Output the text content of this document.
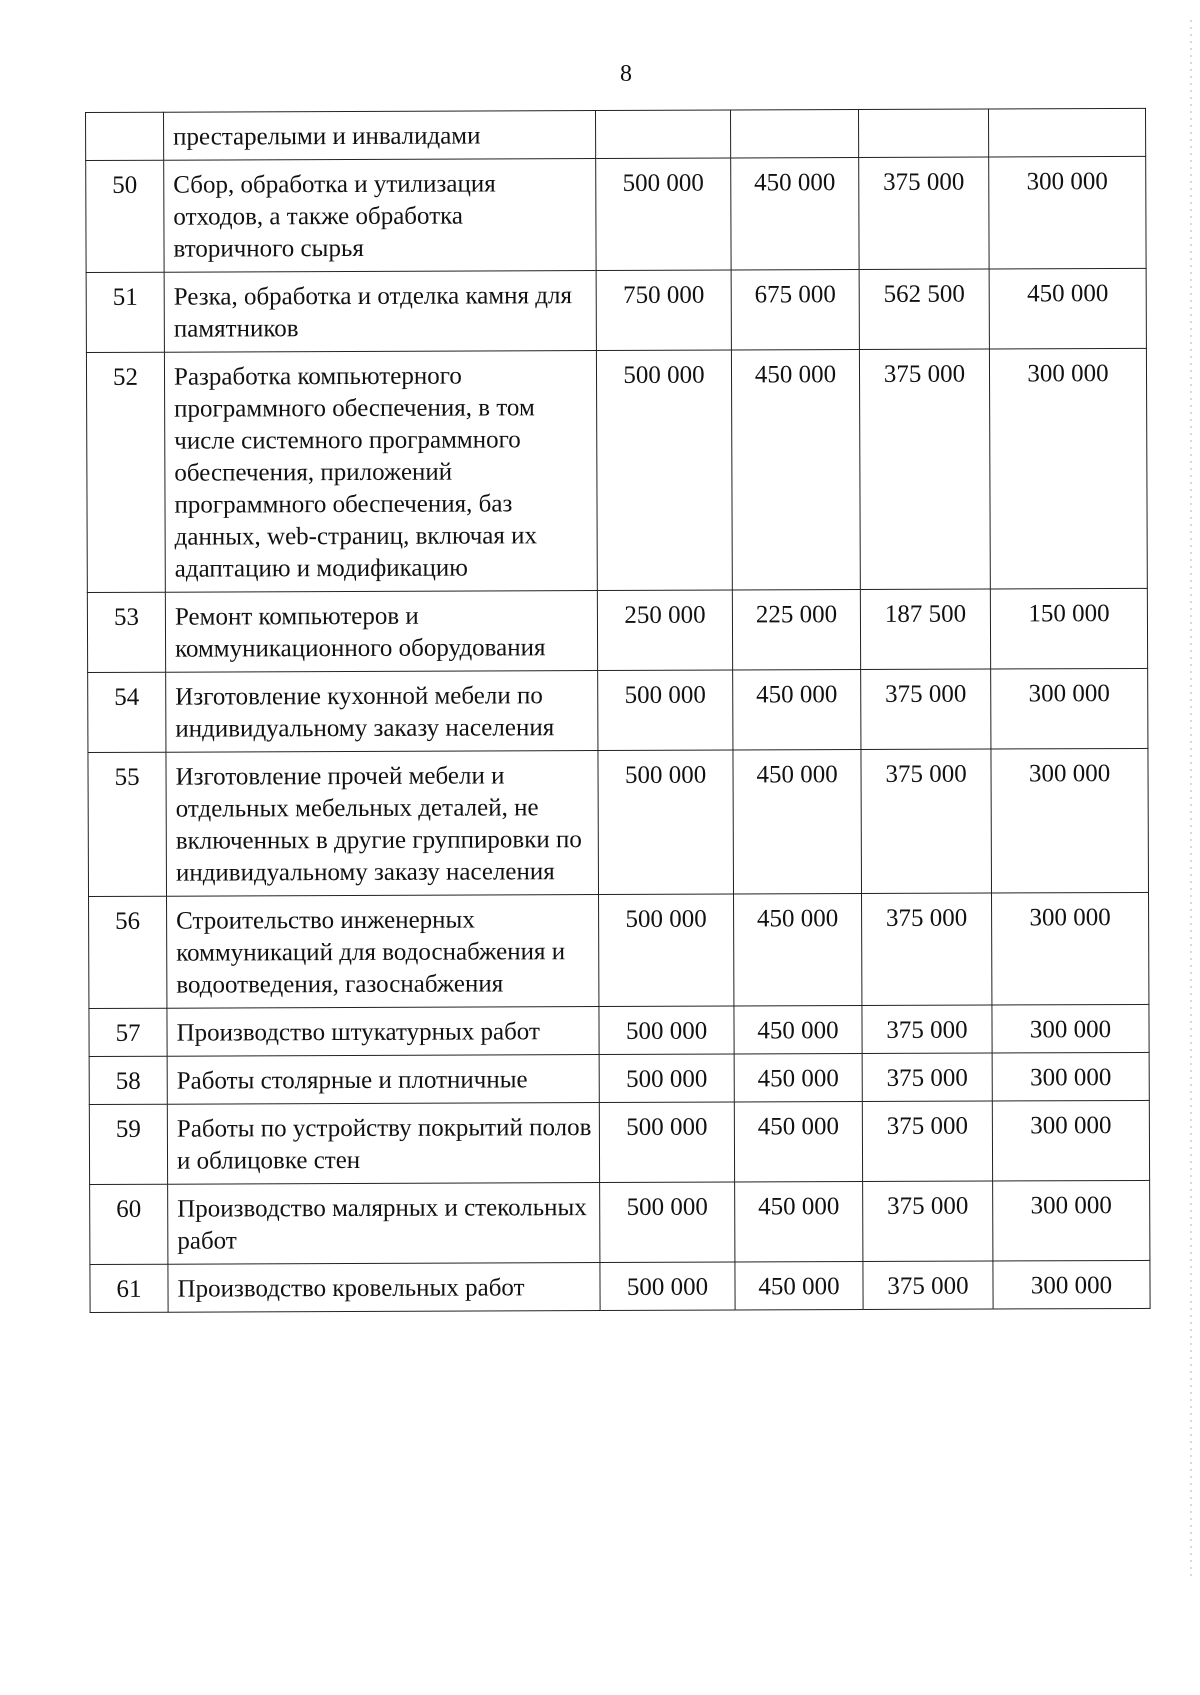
8
	престарелыми и инвалидами				
50	Сбор, обработка и утилизация отходов, а также обработка вторичного сырья	500 000	450 000	375 000	300 000
51	Резка, обработка и отделка камня для памятников	750 000	675 000	562 500	450 000
52	Разработка компьютерного программного обеспечения, в том числе системного программного обеспечения, приложений программного обеспечения, баз данных, web-страниц, включая их адаптацию и модификацию	500 000	450 000	375 000	300 000
53	Ремонт компьютеров и коммуникационного оборудования	250 000	225 000	187 500	150 000
54	Изготовление кухонной мебели по индивидуальному заказу населения	500 000	450 000	375 000	300 000
55	Изготовление прочей мебели и отдельных мебельных деталей, не включенных в другие группировки по индивидуальному заказу населения	500 000	450 000	375 000	300 000
56	Строительство инженерных коммуникаций для водоснабжения и водоотведения, газоснабжения	500 000	450 000	375 000	300 000
57	Производство штукатурных работ	500 000	450 000	375 000	300 000
58	Работы столярные и плотничные	500 000	450 000	375 000	300 000
59	Работы по устройству покрытий полов и облицовке стен	500 000	450 000	375 000	300 000
60	Производство малярных и стекольных работ	500 000	450 000	375 000	300 000
61	Производство кровельных работ	500 000	450 000	375 000	300 000
